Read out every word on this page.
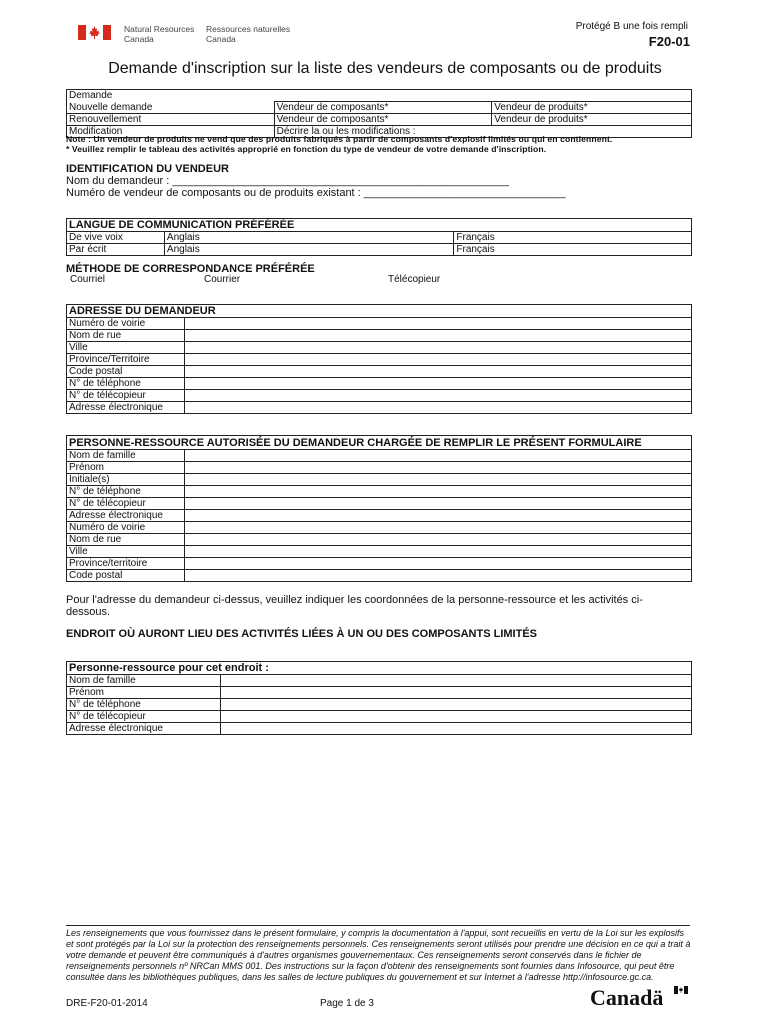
Natural Resources
Canada
Ressources naturelles
Canada
Protégé B une fois rempli
F20-01
Demande d'inscription sur la liste des vendeurs de composants ou de produits
Demande		
Nouvelle demande	Vendeur de composants*	Vendeur de produits*
Renouvellement	Vendeur de composants*	Vendeur de produits*
Modification	Décrire la ou les modifications :	
Note : Un vendeur de produits ne vend que des produits fabriqués à partir de composants d'explosif limités ou qui en contiennent.
* Veuillez remplir le tableau des activités approprié en fonction du type de vendeur de votre demande d'inscription.
IDENTIFICATION DU VENDEUR
Nom du demandeur : _______________________________________________________
Numéro de vendeur de composants ou de produits existant : _________________________________
LANGUE DE COMMUNICATION PRÉFÉRÉE		
De vive voix	Anglais	Français
Par écrit	Anglais	Français
MÉTHODE DE CORRESPONDANCE PRÉFÉRÉE
Courriel	Courrier	Télécopieur
ADRESSE DU DEMANDEUR	
Numéro de voirie	
Nom de rue	
Ville	
Province/Territoire	
Code postal	
N° de téléphone	
N° de télécopieur	
Adresse électronique	
PERSONNE-RESSOURCE AUTORISÉE DU DEMANDEUR CHARGÉE DE REMPLIR LE PRÉSENT FORMULAIRE	
Nom de famille	
Prénom	
Initiale(s)	
N° de téléphone	
N° de télécopieur	
Adresse électronique	
Numéro de voirie	
Nom de rue	
Ville	
Province/territoire	
Code postal	
Pour l'adresse du demandeur ci-dessus, veuillez indiquer les coordonnées de la personne-ressource et les activités ci-dessous.
ENDROIT OÙ AURONT LIEU DES ACTIVITÉS LIÉES À UN OU DES COMPOSANTS LIMITÉS
Personne-ressource pour cet endroit :	
Nom de famille	
Prénom	
N° de téléphone	
N° de télécopieur	
Adresse électronique	
Les renseignements que vous fournissez dans le présent formulaire, y compris la documentation à l'appui, sont recueillis en vertu de la Loi sur les explosifs et sont protégés par la Loi sur la protection des renseignements personnels. Ces renseignements seront utilisés pour prendre une décision en ce qui a trait à votre demande et peuvent être communiqués à d'autres organismes gouvernementaux. Ces renseignements seront conservés dans le fichier de renseignements personnels nº NRCan MMS 001. Des instructions sur la façon d'obtenir des renseignements sont fournies dans Infosource, qui peut être consultée dans les bibliothèques publiques, dans les salles de lecture publiques du gouvernement et sur Internet à l'adresse http://infosource.gc.ca.
DRE-F20-01-2014	Page 1 de 3	Canadä
